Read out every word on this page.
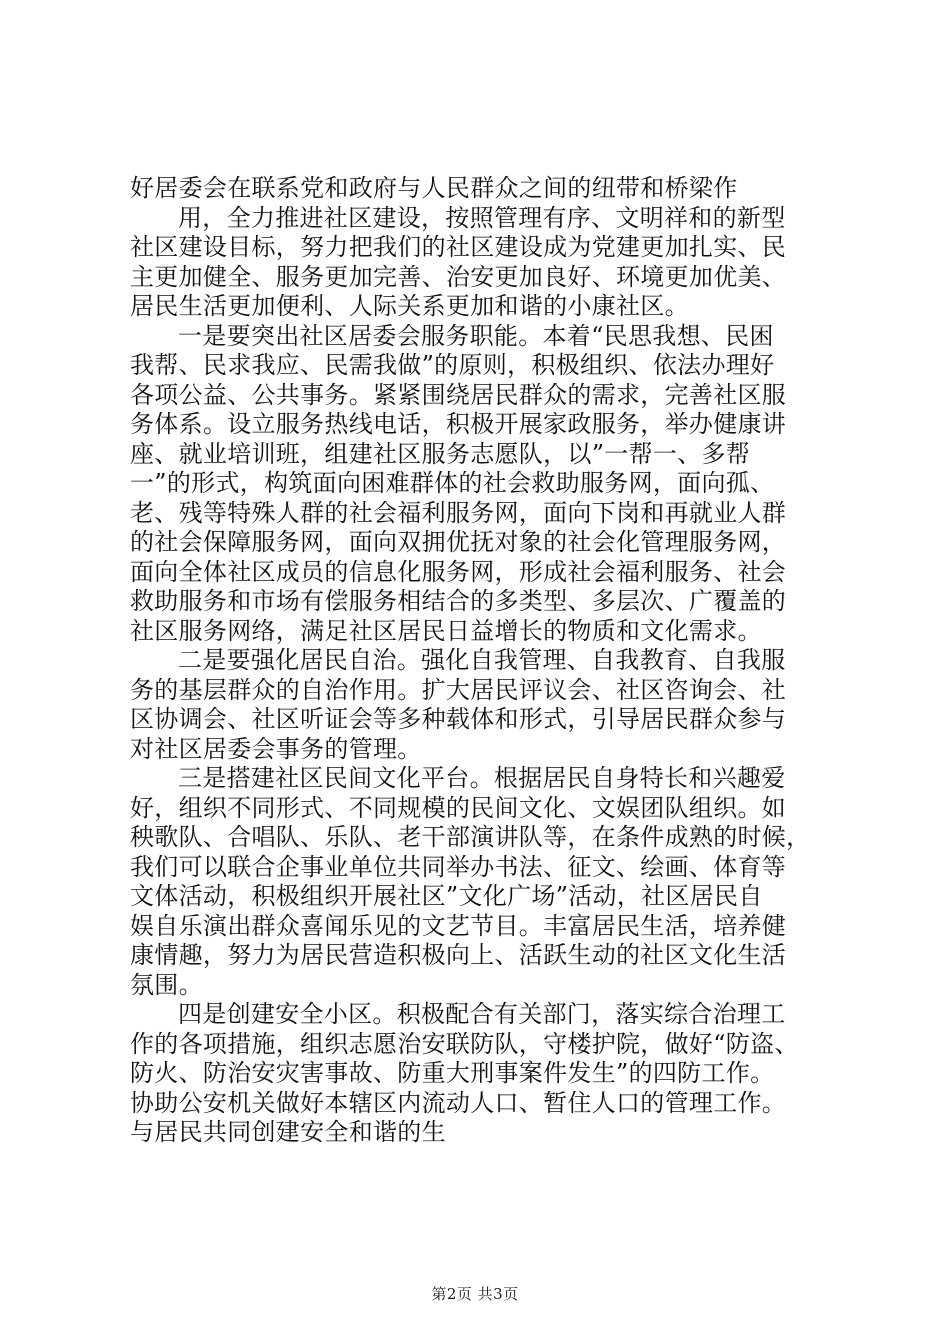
好居委会在联系党和政府与人民群众之间的纽带和桥梁作
用，全力推进社区建设，按照管理有序、文明祥和的新型
社区建设目标，努力把我们的社区建设成为党建更加扎实、民
主更加健全、服务更加完善、治安更加良好、环境更加优美、
居民生活更加便利、人际关系更加和谐的小康社区。
一是要突出社区居委会服务职能。本着“民思我想、民困
我帮、民求我应、民需我做”的原则，积极组织、依法办理好
各项公益、公共事务。紧紧围绕居民群众的需求，完善社区服
务体系。设立服务热线电话，积极开展家政服务，举办健康讲
座、就业培训班，组建社区服务志愿队，以”一帮一、多帮
一”的形式，构筑面向困难群体的社会救助服务网，面向孤、
老、残等特殊人群的社会福利服务网，面向下岗和再就业人群
的社会保障服务网，面向双拥优抚对象的社会化管理服务网，
面向全体社区成员的信息化服务网，形成社会福利服务、社会
救助服务和市场有偿服务相结合的多类型、多层次、广覆盖的
社区服务网络，满足社区居民日益增长的物质和文化需求。
二是要强化居民自治。强化自我管理、自我教育、自我服
务的基层群众的自治作用。扩大居民评议会、社区咨询会、社
区协调会、社区听证会等多种载体和形式，引导居民群众参与
对社区居委会事务的管理。
三是搭建社区民间文化平台。根据居民自身特长和兴趣爱
好，组织不同形式、不同规模的民间文化、文娱团队组织。如
秧歌队、合唱队、乐队、老干部演讲队等，在条件成熟的时候，
我们可以联合企事业单位共同举办书法、征文、绘画、体育等
文体活动，积极组织开展社区”文化广场”活动，社区居民自
娱自乐演出群众喜闻乐见的文艺节目。丰富居民生活，培养健
康情趣，努力为居民营造积极向上、活跃生动的社区文化生活
氛围。
四是创建安全小区。积极配合有关部门，落实综合治理工
作的各项措施，组织志愿治安联防队，守楼护院，做好“防盗、
防火、防治安灾害事故、防重大刑事案件发生”的四防工作。
协助公安机关做好本辖区内流动人口、暂住人口的管理工作。
与居民共同创建安全和谐的生
第2页 共3页
